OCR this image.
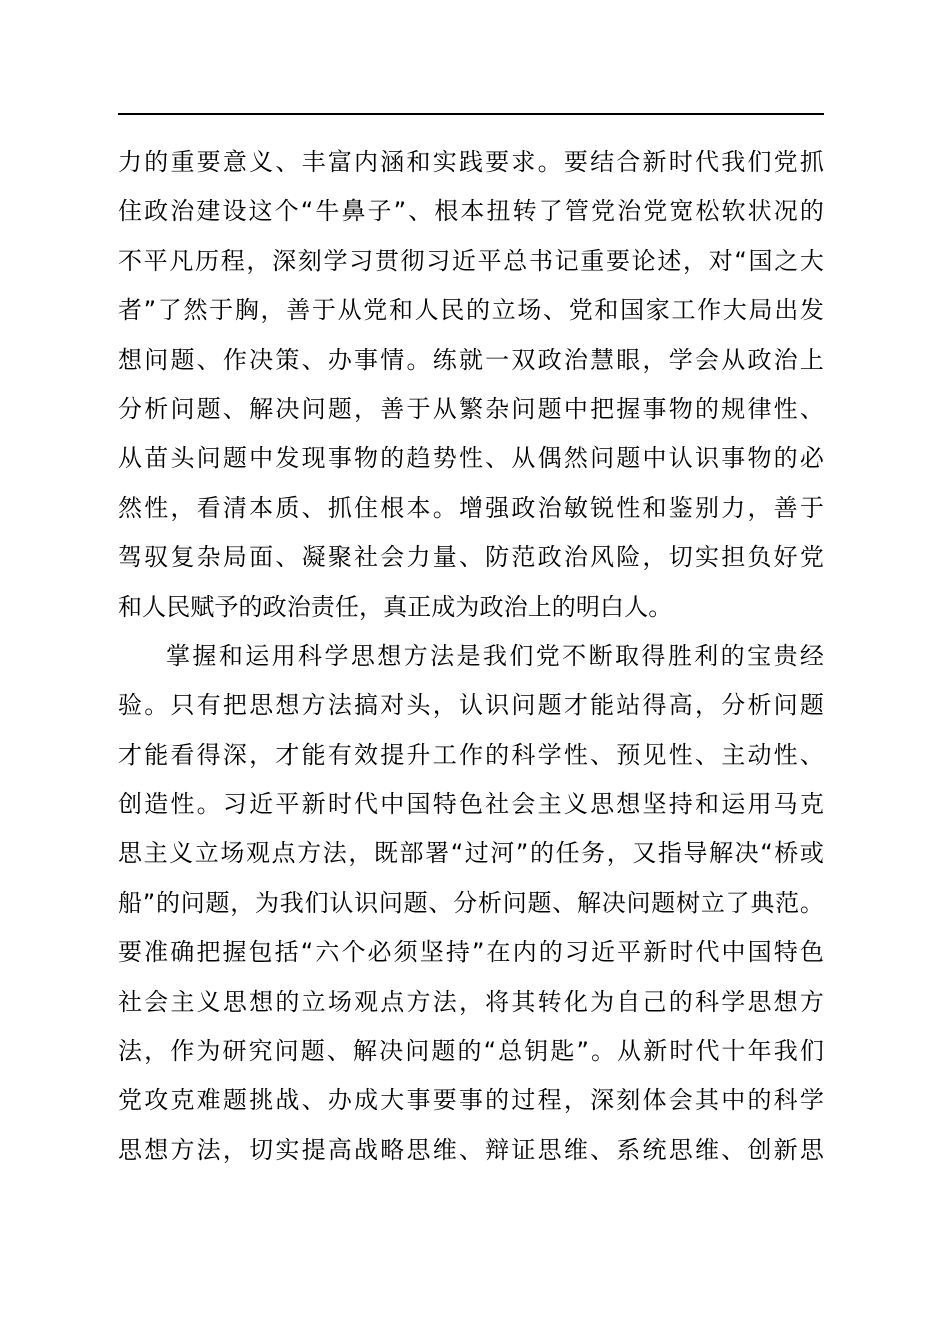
力的重要意义、丰富内涵和实践要求。要结合新时代我们党抓
住政治建设这个“牛鼻子”、根本扭转了管党治党宽松软状况的
不平凡历程，深刻学习贯彻习近平总书记重要论述，对“国之大
者”了然于胸，善于从党和人民的立场、党和国家工作大局出发
想问题、作决策、办事情。练就一双政治慧眼，学会从政治上
分析问题、解决问题，善于从繁杂问题中把握事物的规律性、
从苗头问题中发现事物的趋势性、从偶然问题中认识事物的必
然性，看清本质、抓住根本。增强政治敏锐性和鉴别力，善于
驾驭复杂局面、凝聚社会力量、防范政治风险，切实担负好党
和人民赋予的政治责任，真正成为政治上的明白人。
掌握和运用科学思想方法是我们党不断取得胜利的宝贵经
验。只有把思想方法搞对头，认识问题才能站得高，分析问题
才能看得深，才能有效提升工作的科学性、预见性、主动性、
创造性。习近平新时代中国特色社会主义思想坚持和运用马克
思主义立场观点方法，既部署“过河”的任务，又指导解决“桥或
船”的问题，为我们认识问题、分析问题、解决问题树立了典范。
要准确把握包括“六个必须坚持”在内的习近平新时代中国特色
社会主义思想的立场观点方法，将其转化为自己的科学思想方
法，作为研究问题、解决问题的“总钥匙”。从新时代十年我们
党攻克难题挑战、办成大事要事的过程，深刻体会其中的科学
思想方法，切实提高战略思维、辩证思维、系统思维、创新思
